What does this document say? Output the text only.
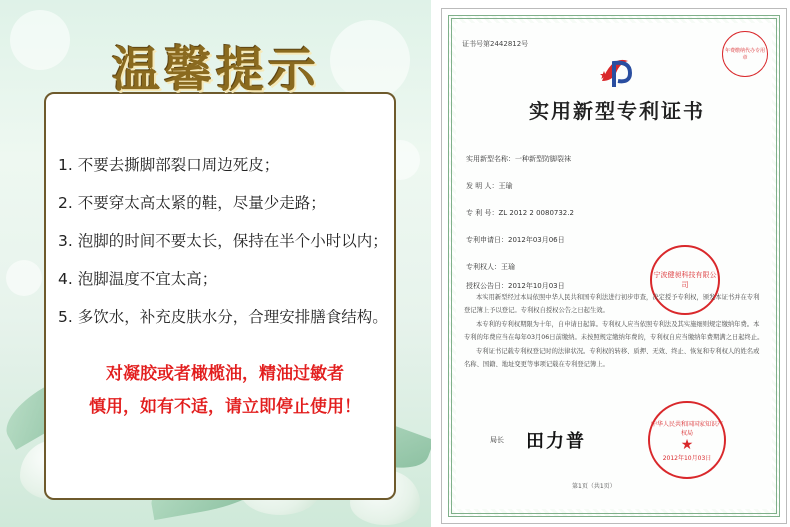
温馨提示
1. 不要去撕脚部裂口周边死皮；
2. 不要穿太高太紧的鞋，尽量少走路；
3. 泡脚的时间不要太长，保持在半个小时以内；
4. 泡脚温度不宜太高；
5. 多饮水，补充皮肤水分，合理安排膳食结构。
对凝胶或者橄榄油，精油过敏者
慎用，如有不适，请立即停止使用！
证书号第2442812号
年费缴纳代办专用章
实用新型专利证书
实用新型名称：一种新型防脚裂袜
发 明 人：王瑜
专 利 号：ZL 2012 2 0080732.2
专利申请日：2012年03月06日
专利权人：王瑜
授权公告日：2012年10月03日
宁波健昶科技有限公司

本实用新型经过本局依照中华人民共和国专利法进行初步审查，决定授予专利权，颁发本证书并在专利登记簿上予以登记。专利权自授权公告之日起生效。

本专利的专利权期限为十年，自申请日起算。专利权人应当依照专利法及其实施细则规定缴纳年费。本专利的年费应当在每年03月06日前缴纳。未按照规定缴纳年费的，专利权自应当缴纳年费期满之日起终止。

专利证书记载专利权登记时的法律状况。专利权的转移、质押、无效、终止、恢复和专利权人的姓名或名称、国籍、地址变更等事项记载在专利登记簿上。

局长 田力普
中华人民共和国国家知识产权局
★
2012年10月03日
第1页（共1页）
